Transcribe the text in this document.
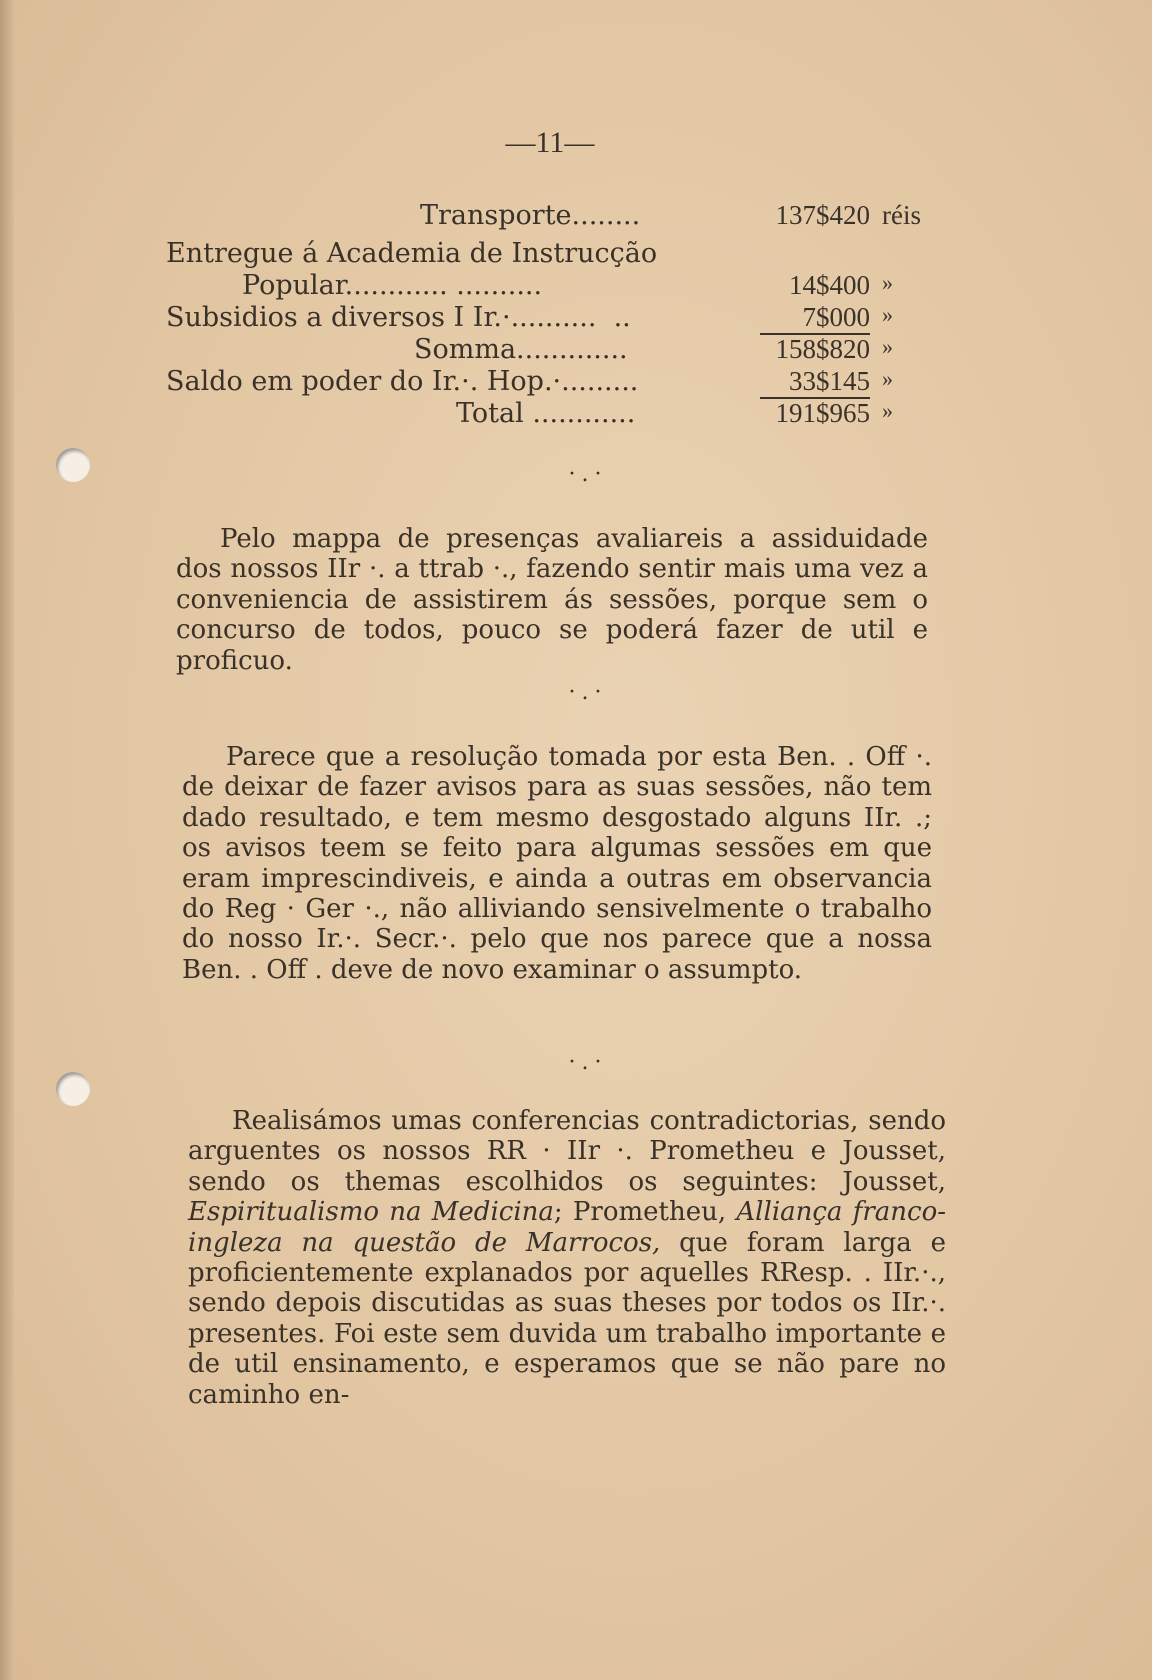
—11—
Transporte........	137$420 réis
Entregue á Academia de Instrucção
Popular............ ..........	14$400 »
Subsidios a diversos I Ir.·..........  ..	7$000 »
Somma.............	158$820 »
Saldo em poder do Ir.·. Hop.·.........	33$145 »
Total ............	191$965 »
·.·
Pelo mappa de presenças avaliareis a assiduidade dos nossos IIr ·. a ttrab ·., fazendo sentir mais uma vez a conveniencia de assistirem ás sessões, porque sem o concurso de todos, pouco se poderá fazer de util e proficuo.
·.·
Parece que a resolução tomada por esta Ben. . Off ·. de deixar de fazer avisos para as suas sessões, não tem dado resultado, e tem mesmo desgostado alguns IIr. .; os avisos teem se feito para algumas sessões em que eram imprescindiveis, e ainda a outras em observancia do Reg · Ger ·., não alliviando sensivelmente o trabalho do nosso Ir.·. Secr.·. pelo que nos parece que a nossa Ben. . Off . deve de novo examinar o assumpto.
·.·
Realisámos umas conferencias contradictorias, sendo arguentes os nossos RR · IIr ·. Prometheu e Jousset, sendo os themas escolhidos os seguintes: Jousset, Espiritualismo na Medicina; Prometheu, Alliança franco-ingleza na questão de Marrocos, que foram larga e proficientemente explanados por aquelles RResp. . IIr.·., sendo depois discutidas as suas theses por todos os IIr.·. presentes. Foi este sem duvida um trabalho importante e de util ensinamento, e esperamos que se não pare no caminho en-
